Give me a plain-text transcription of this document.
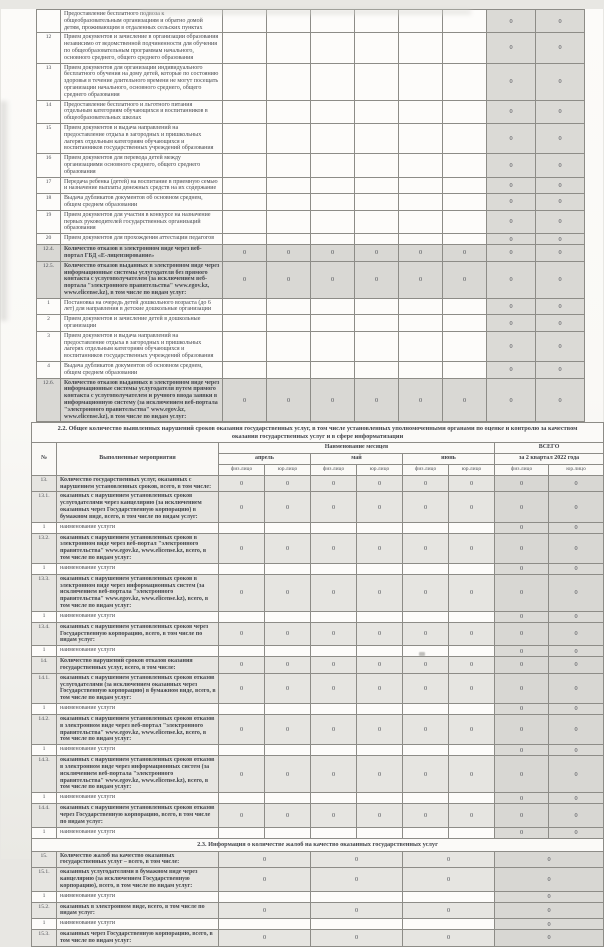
	Предоставление бесплатного подвоза к общеобразовательным организациям и обратно домой детям, проживающим в отдаленных сельских пунктах							0	0
12	Прием документов и зачисление в организации образования независимо от ведомственной подчиненности для обучения по общеобразовательным программам начального, основного среднего, общего среднего образования							0	0
13	Прием документов для организации индивидуального бесплатного обучения на дому детей, которые по состоянию здоровья в течение длительного времени не могут посещать организации начального, основного среднего, общего среднего образования							0	0
14	Предоставление бесплатного и льготного питания отдельным категориям обучающихся и воспитанников в общеобразовательных школах							0	0
15	Прием документов и выдача направлений на предоставление отдыха в загородных и пришкольных лагерях отдельным категориям обучающихся и воспитанников государственных учреждений образования							0	0
16	Прием документов для перевода детей между организациями основного среднего, общего среднего образования							0	0
17	Передача ребенка (детей) на воспитание в приемную семью и назначение выплаты денежных средств на их содержание							0	0
18	Выдача дубликатов документов об основном среднем, общем среднем образовании							0	0
19	Прием документов для участия в конкурсе на назначение первых руководителей государственных организаций образования							0	0
20	Прием документов для прохождения аттестации педагогов							0	0
12.4.	Количество отказов в электронном виде через веб-портал ГБД «Е-лицензирование»	0	0	0	0	0	0	0	0
12.5.	Количество отказов выданных в электронном виде через информационные системы услугодателя без прямого контакта с услугополучателем (за исключением веб-портала "электронного правительства" www.egov.kz, www.elicense.kz), в том числе по видам услуг:	0	0	0	0	0	0	0	0
1	Постановка на очередь детей дошкольного возраста (до 6 лет) для направления в детские дошкольные организации							0	0
2	Прием документов и зачисление детей в дошкольные организации							0	0
3	Прием документов и выдача направлений на предоставление отдыха в загородных и пришкольных лагерях отдельным категориям обучающихся и воспитанников государственных учреждений образования							0	0
4	Выдача дубликатов документов об основном среднем, общем среднем образовании							0	0
12.6.	Количество отказов выданных в электронном виде через информационные системы услугодателя путем прямого контакта с услугополучателем и ручного ввода заявки в информационную систему (за исключением веб-портала "электронного правительства" www.egov.kz, www.elicense.kz), в том числе по видам услуг:	0	0	0	0	0	0	0	0
2.2. Общее количество выявленных нарушений сроков оказания государственных услуг, в том числе установленных уполномоченными органами по оценке и контролю за качеством оказания государственных услуг и в сфере информатизации									
№	Выполненные мероприятия	Наименование месяцев						ВСЕГО	
		апрель		май		июнь		за 2 квартал 2022 года	
		физ.лицо	юр.лицо	физ.лицо	юр.лицо	физ.лицо	юр.лицо	физ.лицо	юр.лицо
13.	Количество государственных услуг, оказанных с нарушением установленных сроков, всего, в том числе:	0	0	0	0	0	0	0	0
13.1.	оказанных с нарушением установленных сроков услугодателями через канцелярию (за исключением оказанных через Государственную корпорацию) в бумажном виде, всего, в том числе по видам услуг:	0	0	0	0	0	0	0	0
1	наименование услуги							0	0
13.2.	оказанных с нарушением установленных сроков в электронном виде через веб-портал "электронного правительства" www.egov.kz, www.elicense.kz, всего, в том числе по видам услуг:	0	0	0	0	0	0	0	0
1	наименование услуги							0	0
13.3.	оказанных с нарушением установленных сроков в электронном виде через информационных систем (за исключением веб-портала "электронного правительства" www.egov.kz, www.elicense.kz), всего, в том числе по видам услуг:	0	0	0	0	0	0	0	0
1	наименование услуги							0	0
13.4.	оказанных с нарушением установленных сроков через Государственную корпорацию, всего, в том числе по видам услуг:	0	0	0	0	0	0	0	0
1	наименование услуги							0	0
14.	Количество нарушений сроков отказов оказания государственных услуг, всего, в том числе:	0	0	0	0	0	0	0	0
14.1.	оказанных с нарушением установленных сроков отказов услугодателями (за исключением оказанных через Государственную корпорацию) в бумажном виде, всего, в том числе по видам услуг:	0	0	0	0	0	0	0	0
1	наименование услуги							0	0
14.2.	оказанных с нарушением установленных сроков отказов в электронном виде через веб-портал "электронного правительства" www.egov.kz, www.elicense.kz, всего, в том числе по видам услуг:	0	0	0	0	0	0	0	0
1	наименование услуги							0	0
14.3.	оказанных с нарушением установленных сроков отказов в электронном виде через информационных систем (за исключением веб-портала "электронного правительства" www.egov.kz, www.elicense.kz), всего, в том числе по видам услуг:	0	0	0	0	0	0	0	0
1	наименование услуги							0	0
14.4.	оказанных с нарушением установленных сроков отказов через Государственную корпорацию, всего, в том числе по видам услуг:	0	0	0	0	0	0	0	0
1	наименование услуги							0	0
2.3. Информация о количестве жалоб на качество оказанных государственных услуг									
15.	Количество жалоб на качество оказанных государственных услуг – всего, в том числе:	0		0		0		0	
15.1.	оказанных услугодателями в бумажном виде через канцелярию (за исключением Государственную корпорацию), всего, в том числе по видам услуг:	0		0		0		0	
1	наименование услуги							0	
15.2.	оказанных в электронном виде, всего, в том числе по видам услуг:	0		0		0		0	
1	наименование услуги							0	
15.3.	оказанных через Государственную корпорацию, всего, в том числе по видам услуг:	0		0		0		0	
